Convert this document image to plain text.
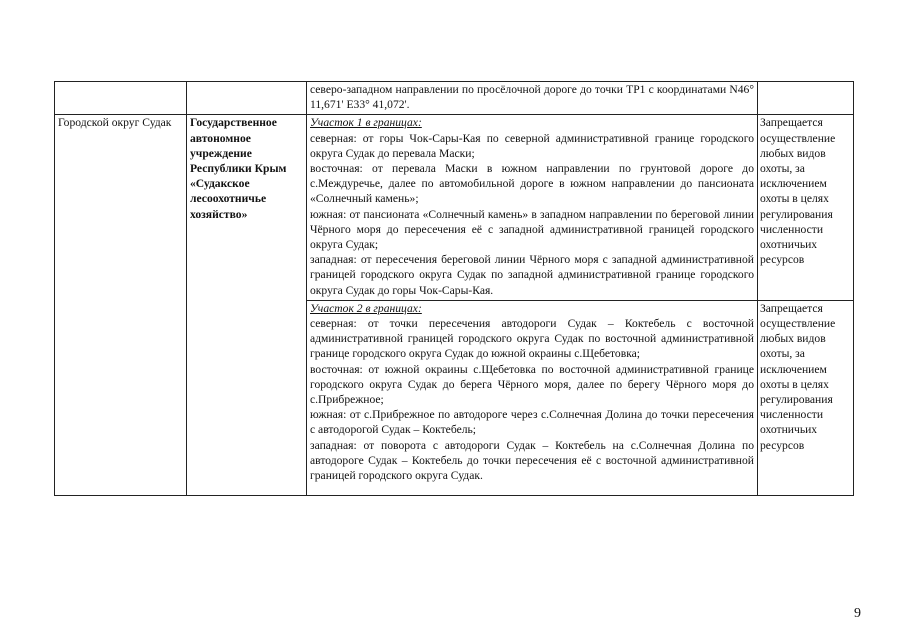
		северо-западном направлении по просёлочной дороге до точки ТР1 с координатами N46° 11,671' E33° 41,072'.	
Городской округ Судак	Государственное автономное учреждение Республики Крым «Судакское лесоохотничье хозяйство»	Участок 1 в границах:
северная: от горы Чок-Сары-Кая по северной административной границе городского округа Судак до перевала Маски;
восточная: от перевала Маски в южном направлении по грунтовой дороге до с.Междуречье, далее по автомобильной дороге в южном направлении до пансионата «Солнечный камень»;
южная: от пансионата «Солнечный камень» в западном направлении по береговой линии Чёрного моря до пересечения её с западной административной границей городского округа Судак;
западная: от пересечения береговой линии Чёрного моря с западной административной границей городского округа Судак по западной административной границе городского округа Судак до горы Чок-Сары-Кая.	Запрещается осуществление любых видов охоты, за исключением охоты в целях регулирования численности охотничьих ресурсов

		Участок 2 в границах:
северная: от точки пересечения автодороги Судак – Коктебель с восточной административной границей городского округа Судак по восточной административной границе городского округа Судак до южной окраины с.Щебетовка;
восточная: от южной окраины с.Щебетовка по восточной административной границе городского округа Судак до берега Чёрного моря, далее по берегу Чёрного моря до с.Прибрежное;
южная: от с.Прибрежное по автодороге через с.Солнечная Долина до точки пересечения с автодорогой Судак – Коктебель;
западная: от поворота с автодороги Судак – Коктебель на с.Солнечная Долина по автодороге Судак – Коктебель до точки пересечения её с восточной административной границей городского округа Судак.	Запрещается осуществление любых видов охоты, за исключением охоты в целях регулирования численности охотничьих ресурсов
9
